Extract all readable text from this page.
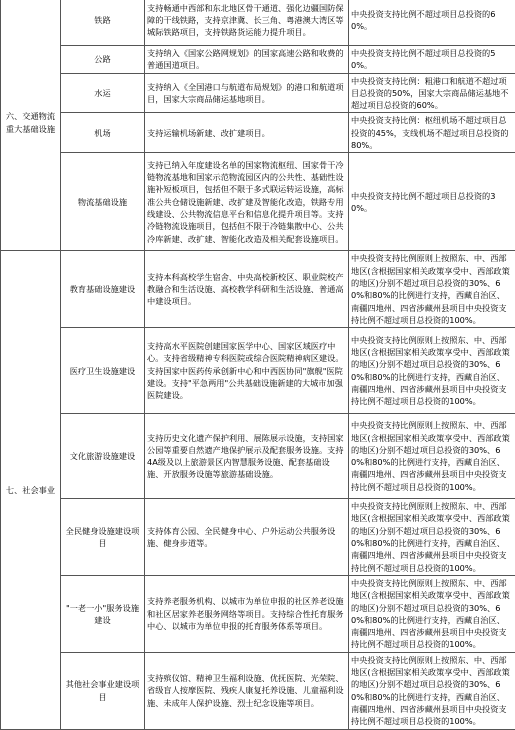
六、交通物流重大基础设施	铁路	支持畅通中西部和东北地区骨干通道、强化边疆国防保障的干线铁路，支持京津冀、长三角、粤港澳大湾区等城际铁路项目，支持铁路货运能力提升项目。	中央投资支持比例不超过项目总投资的60%。
	公路	支持纳入《国家公路网规划》的国家高速公路和收费的普通国道项目。	中央投资支持比例不超过项目总投资的50%。
	水运	支持纳入《全国港口与航道布局规划》的港口和航道项目，国家大宗商品储运基地项目。	中央投资支持比例：粗港口和航道不超过项目总投资的50%，国家大宗商品储运基地不超过项目总投资的60%。
	机场	支持运输机场新建、改扩建项目。	中央投资支持比例：枢纽机场不超过项目总投资的45%，支线机场不超过项目总投资的80%。
	物流基础设施	支持已纳入年度建设名单的国家物流枢纽、国家骨干冷链物流基地和国家示范物流园区内的公共性、基础性设施补短板项目，包括但不限于多式联运转运设施，高标准公共仓储设施新建、改扩建及智能化改造，铁路专用线建设、公共物流信息平台和信息化提升项目等。支持冷链物流设施项目，包括但不限于冷链集散中心、公共冷库新建、改扩建、智能化改造及相关配套设施项目。	中央投资支持比例不超过项目总投资的30%。
七、社会事业	教育基础设施建设	支持本科高校学生宿舍、中央高校新校区、职业院校产教融合和生活设施、高校教学科研和生活设施、普通高中建设项目。	中央投资支持比例原则上按照东、中、西部地区(含根据国家相关政策享受中、西部政策的地区)分别不超过项目总投资的30%、60%和80%的比例进行支持，西藏自治区、南疆四地州、四省涉藏州县项目中央投资支持比例不超过项目总投资的100%。
	医疗卫生设施建设	支持高水平医院创建国家医学中心、国家区域医疗中心。支持省级精神专科医院或综合医院精神病区建设。支持国家中医药传承创新中心和中西医协同"旗舰"医院建设。支持"平急两用"公共基础设施新建的大城市加强医院建设。	中央投资支持比例原则上按照东、中、西部地区(含根据国家相关政策享受中、西部政策的地区)分别不超过项目总投资的30%、60%和80%的比例进行支持，西藏自治区、南疆四地州、四省涉藏州县项目中央投资支持比例不超过项目总投资的100%。
	文化旅游设施建设	支持历史文化遗产保护利用、展陈展示设施，支持国家公园等重要自然遗产地保护展示及配套服务设施。支持4A级及以上旅游景区内智慧服务设施、配套基础设施、开放服务设施等旅游基础设施。	中央投资支持比例原则上按照东、中、西部地区(含根据国家相关政策享受中、西部政策的地区)分别不超过项目总投资的30%、60%和80%的比例进行支持，西藏自治区、南疆四地州、四省涉藏州县项目中央投资支持比例不超过项目总投资的100%。
	全民健身设施建设项目	支持体育公园、全民健身中心、户外运动公共服务设施、健身步道等。	中央投资支持比例原则上按照东、中、西部地区(含根据国家相关政策享受中、西部政策的地区)分别不超过项目总投资的30%、60%和80%的比例进行支持，西藏自治区、南疆四地州、四省涉藏州县项目中央投资支持比例不超过项目总投资的100%。
	"一老一小"服务设施建设	支持养老服务机构、以城市为单位申报的社区养老设施和社区居家养老服务网络等项目。支持综合性托育服务中心、以城市为单位申报的托育服务体系等项目。	中央投资支持比例原则上按照东、中、西部地区(含根据国家相关政策享受中、西部政策的地区)分别不超过项目总投资的30%、60%和80%的比例进行支持，西藏自治区、南疆四地州、四省涉藏州县项目中央投资支持比例不超过项目总投资的100%。
	其他社会事业建设项目	支持殡仪馆、精神卫生福利设施、优抚医院、光荣院、省级盲人按摩医院、残疾人康复托养设施、儿童福利设施、未成年人保护设施、烈士纪念设施等项目。	中央投资支持比例原则上按照东、中、西部地区(含根据国家相关政策享受中、西部政策的地区)分别不超过项目总投资的30%、60%和80%的比例进行支持，西藏自治区、南疆四地州、四省涉藏州县项目中央投资支持比例不超过项目总投资的100%。
